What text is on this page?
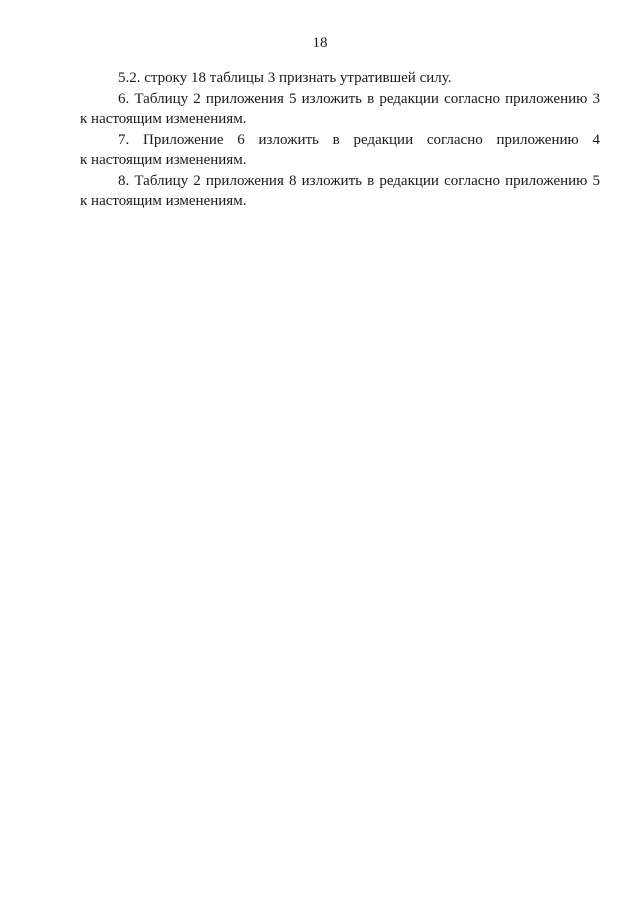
18
5.2. строку 18 таблицы 3 признать утратившей силу.
6. Таблицу 2 приложения 5 изложить в редакции согласно приложению 3
к настоящим изменениям.
7. Приложение 6 изложить в редакции согласно приложению 4
к настоящим изменениям.
8. Таблицу 2 приложения 8 изложить в редакции согласно приложению 5
к настоящим изменениям.
